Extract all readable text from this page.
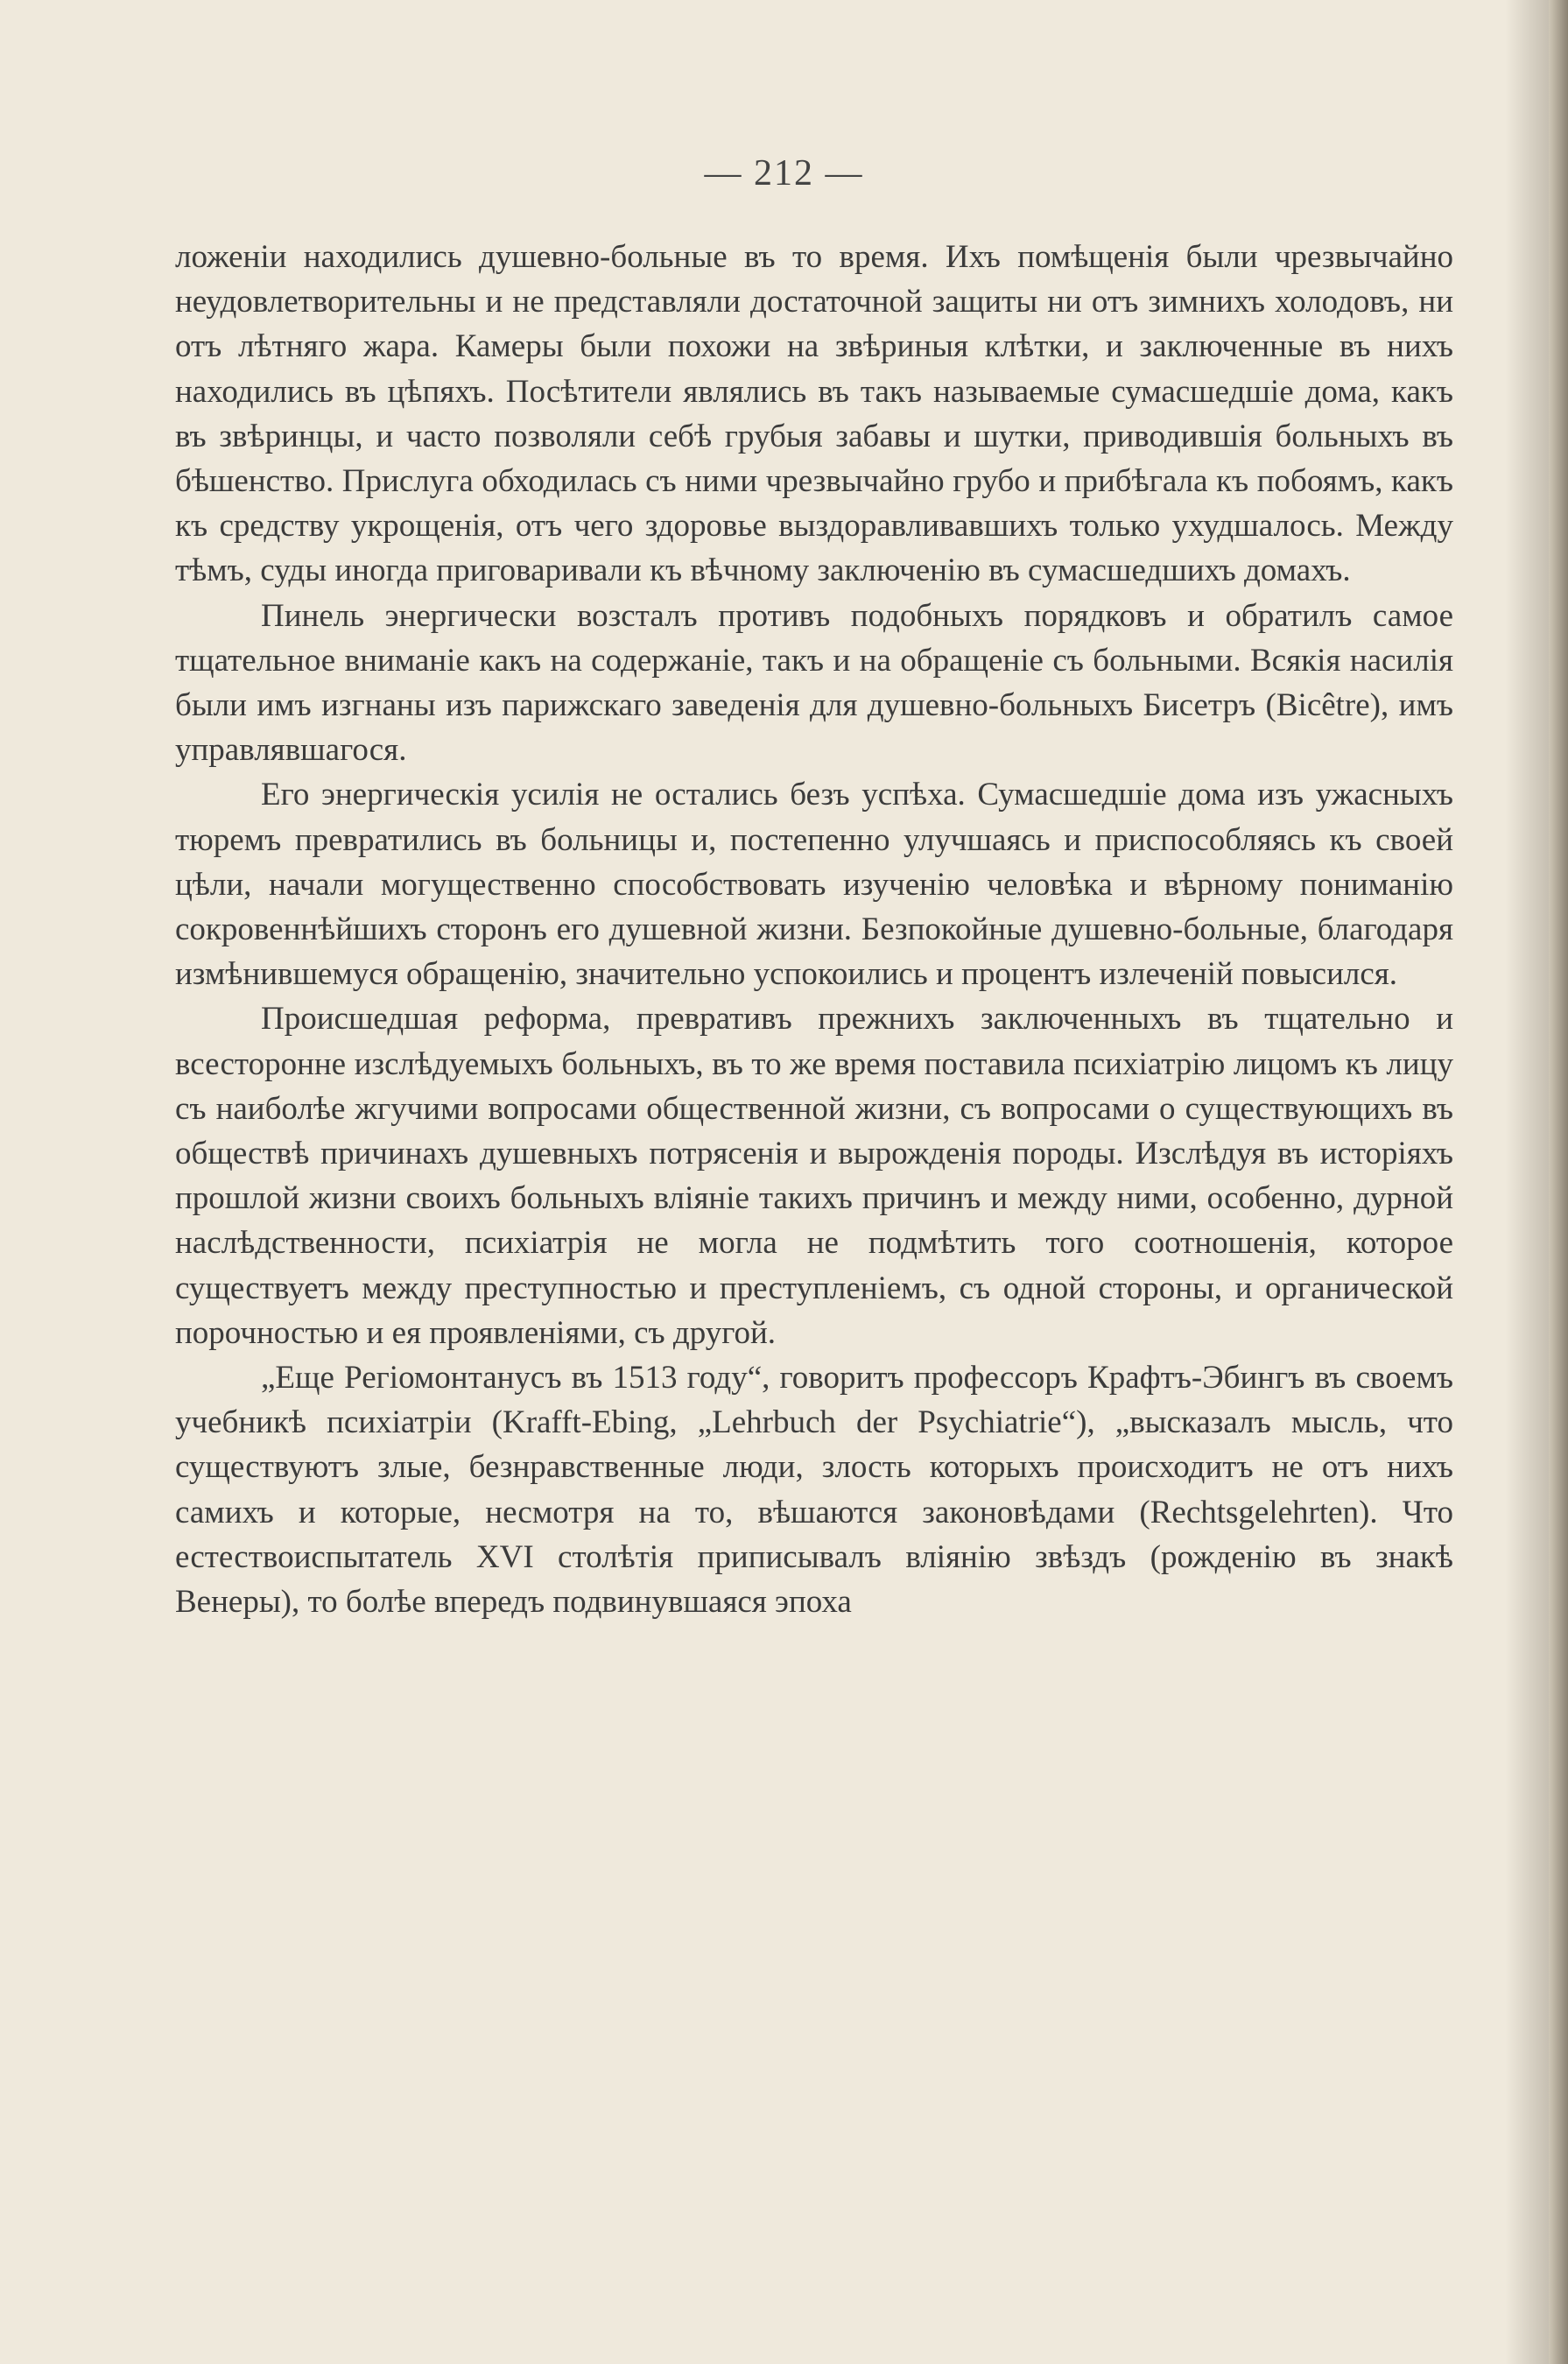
— 212 —

ложеніи находились душевно-больные въ то время. Ихъ помѣщенія были чрезвычайно неудовлетворительны и не представляли достаточной защиты ни отъ зимнихъ холодовъ, ни отъ лѣтняго жара. Камеры были похожи на звѣриныя клѣтки, и заключенные въ нихъ находились въ цѣпяхъ. Посѣтители являлись въ такъ называемые сумасшедшіе дома, какъ въ звѣринцы, и часто позволяли себѣ грубыя забавы и шутки, приводившія больныхъ въ бѣшенство. Прислуга обходилась съ ними чрезвычайно грубо и прибѣгала къ побоямъ, какъ къ средству укрощенія, отъ чего здоровье выздоравливавшихъ только ухудшалось. Между тѣмъ, суды иногда приговаривали къ вѣчному заключенію въ сумасшедшихъ домахъ.

Пинель энергически возсталъ противъ подобныхъ порядковъ и обратилъ самое тщательное вниманіе какъ на содержаніе, такъ и на обращеніе съ больными. Всякія насилія были имъ изгнаны изъ парижскаго заведенія для душевно-больныхъ Бисетръ (Bicêtre), имъ управлявшагося.

Его энергическія усилія не остались безъ успѣха. Сумасшедшіе дома изъ ужасныхъ тюремъ превратились въ больницы и, постепенно улучшаясь и приспособляясь къ своей цѣли, начали могущественно способствовать изученію человѣка и вѣрному пониманію сокровеннѣйшихъ сторонъ его душевной жизни. Безпокойные душевно-больные, благодаря измѣнившемуся обращенію, значительно успокоились и процентъ излеченій повысился.

Происшедшая реформа, превративъ прежнихъ заключенныхъ въ тщательно и всесторонне изслѣдуемыхъ больныхъ, въ то же время поставила психіатрію лицомъ къ лицу съ наиболѣе жгучими вопросами общественной жизни, съ вопросами о существующихъ въ обществѣ причинахъ душевныхъ потрясенія и вырожденія породы. Изслѣдуя въ исторіяхъ прошлой жизни своихъ больныхъ вліяніе такихъ причинъ и между ними, особенно, дурной наслѣдственности, психіатрія не могла не подмѣтить того соотношенія, которое существуетъ между преступностью и преступленіемъ, съ одной стороны, и органической порочностью и ея проявленіями, съ другой.

„Еще Регіомонтанусъ въ 1513 году“, говоритъ профессоръ Крафтъ-Эбингъ въ своемъ учебникѣ психіатріи (Krafft-Ebing, „Lehrbuch der Psychiatrie“), „высказалъ мысль, что существуютъ злые, безнравственные люди, злость которыхъ происходитъ не отъ нихъ самихъ и которые, несмотря на то, вѣшаются законовѣдами (Rechtsgelehrten). Что естествоиспытатель XVI столѣтія приписывалъ вліянію звѣздъ (рожденію въ знакѣ Венеры), то болѣе впередъ подвинувшаяся эпоха
